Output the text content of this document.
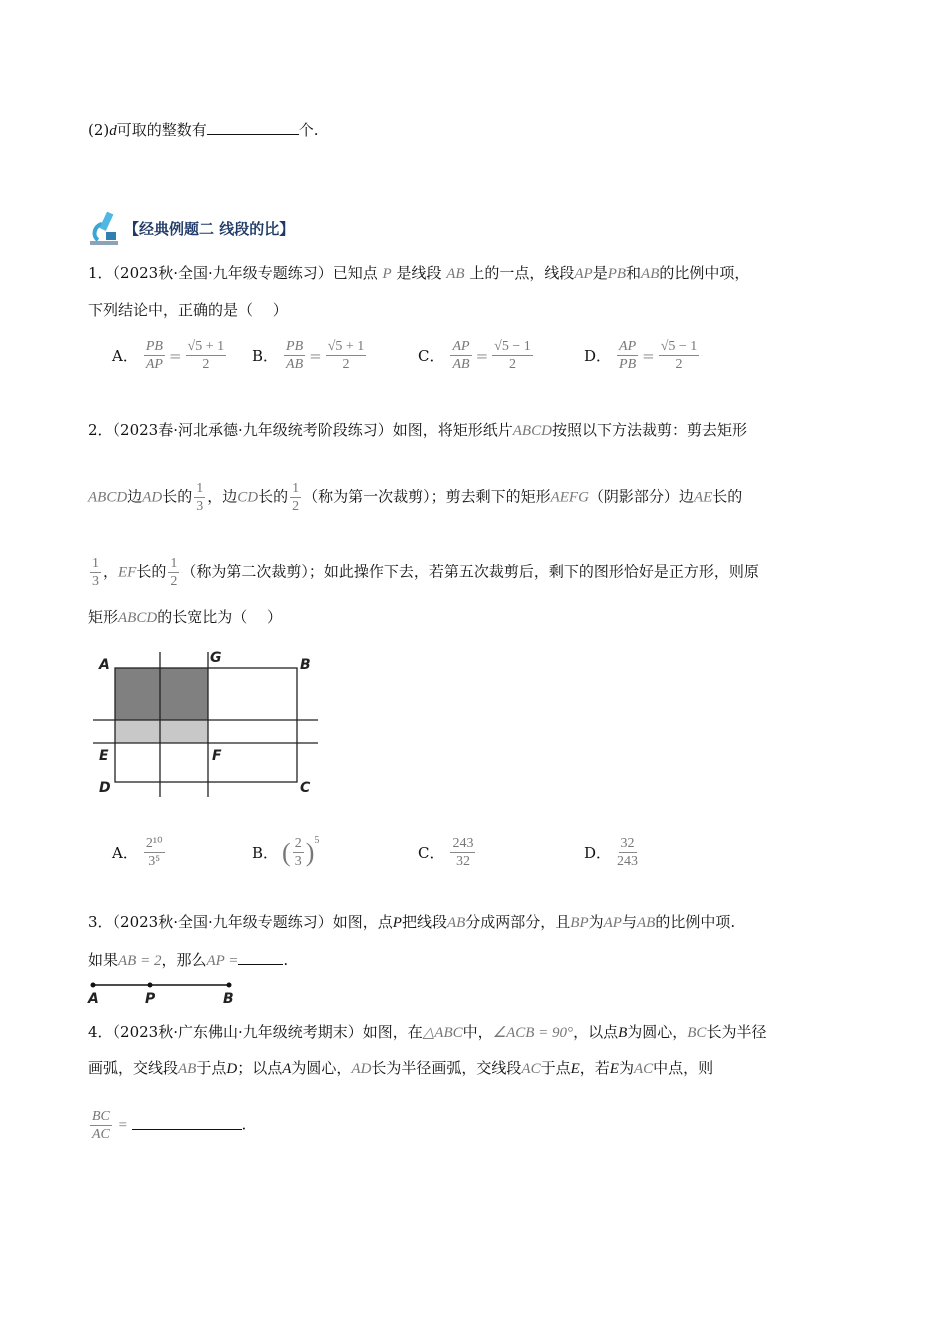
(2)d可取的整数有	个.
【经典例题二 线段的比】
1．（2023秋·全国·九年级专题练习）已知点 P 是线段 AB 上的一点，线段AP是PB和AB的比例中项，
下列结论中，正确的是（　 ）
A． $\frac{PB}{AP} = \frac{√5 + 1}{2}$ B． $\frac{PB}{AB} = \frac{√5 + 1}{2}$	C． $\frac{AP}{AB} = \frac{√5 - 1}{2}$	D． $\frac{AP}{PB} = \frac{√5 - 1}{2}$
2．（2023春·河北承德·九年级统考阶段练习）如图，将矩形纸片ABCD按照以下方法裁剪：剪去矩形
ABCD边AD长的 $\frac{1}{3}$ ，边CD长的 $\frac{1}{2}$ （称为第一次裁剪）；剪去剩下的矩形AEFG（阴影部分）边AE长的
$\frac{1}{3}$ ，EF长的 $\frac{1}{2}$ （称为第二次裁剪）；如此操作下去，若第五次裁剪后，剩下的图形恰好是正方形，则原
矩形ABCD的长宽比为（　 ）
A	G	B
E	F
D	C
A	P	B
A． $\frac{\text{2¹⁰}}{\text{3⁵}}$	B． ( $\frac{2}{3} )^5$
C． $\frac{243}{32}$	D． $\frac{32}{243}$
3．（2023秋·全国·九年级专题练习）如图，点P把线段AB分成两部分，且BP为AP与AB的比例中项.
如果AB = 2，那么AP =	.
4．（2023秋·广东佛山·九年级统考期末）如图，在△ABC中，∠ACB = 90°，以点B为圆心，BC长为半径
画弧，交线段AB于点D；以点A为圆心，AD长为半径画弧，交线段AC于点E，若E为AC中点，则
$\frac{BC}{AC}$ =	.
